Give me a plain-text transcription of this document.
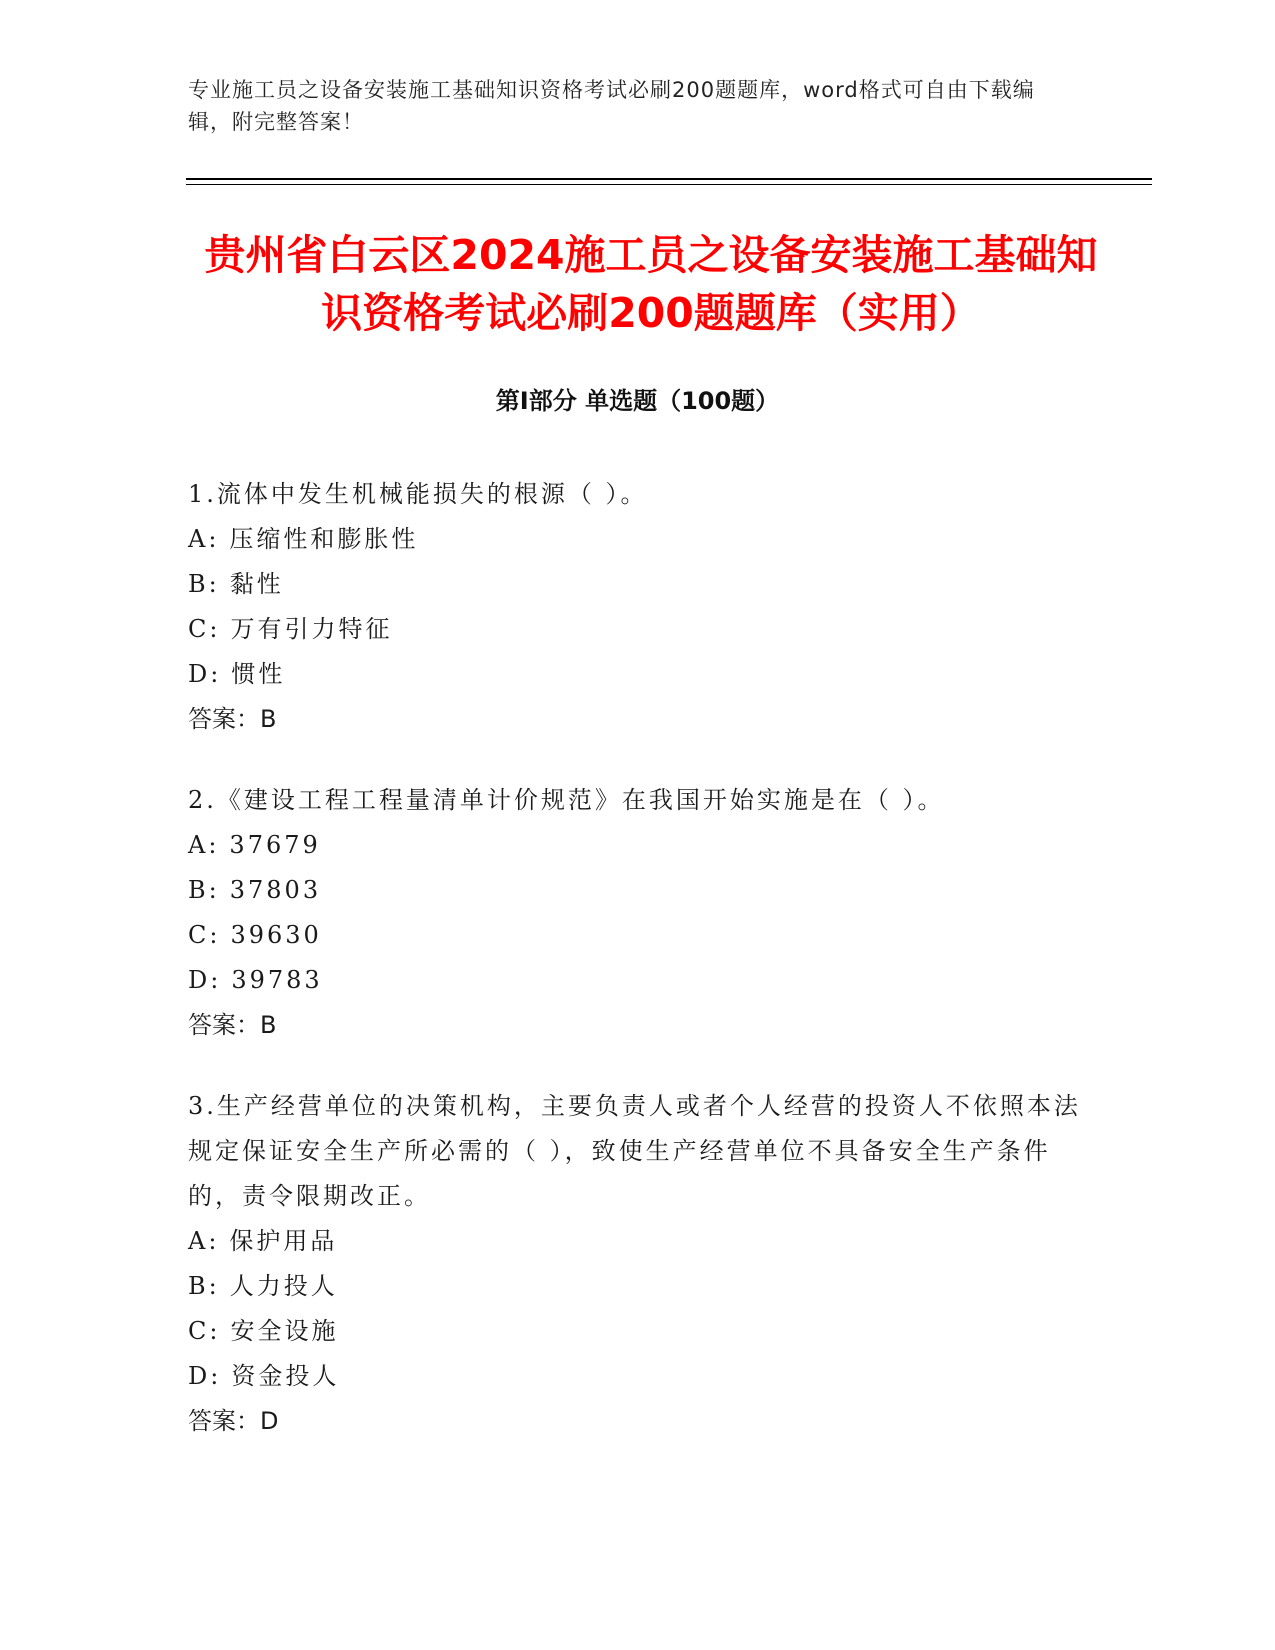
专业施工员之设备安装施工基础知识资格考试必刷200题题库，word格式可自由下载编辑，附完整答案！
贵州省白云区2024施工员之设备安装施工基础知识资格考试必刷200题题库（实用）
第Ⅰ部分 单选题（100题）
1.流体中发生机械能损失的根源（ ）。
A: 压缩性和膨胀性
B: 黏性
C: 万有引力特征
D: 惯性
答案：B
2.《建设工程工程量清单计价规范》在我国开始实施是在（ ）。
A: 37679
B: 37803
C: 39630
D: 39783
答案：B
3.生产经营单位的决策机构，主要负责人或者个人经营的投资人不依照本法规定保证安全生产所必需的（ ），致使生产经营单位不具备安全生产条件的，责令限期改正。
A: 保护用品
B: 人力投人
C: 安全设施
D: 资金投人
答案：D
